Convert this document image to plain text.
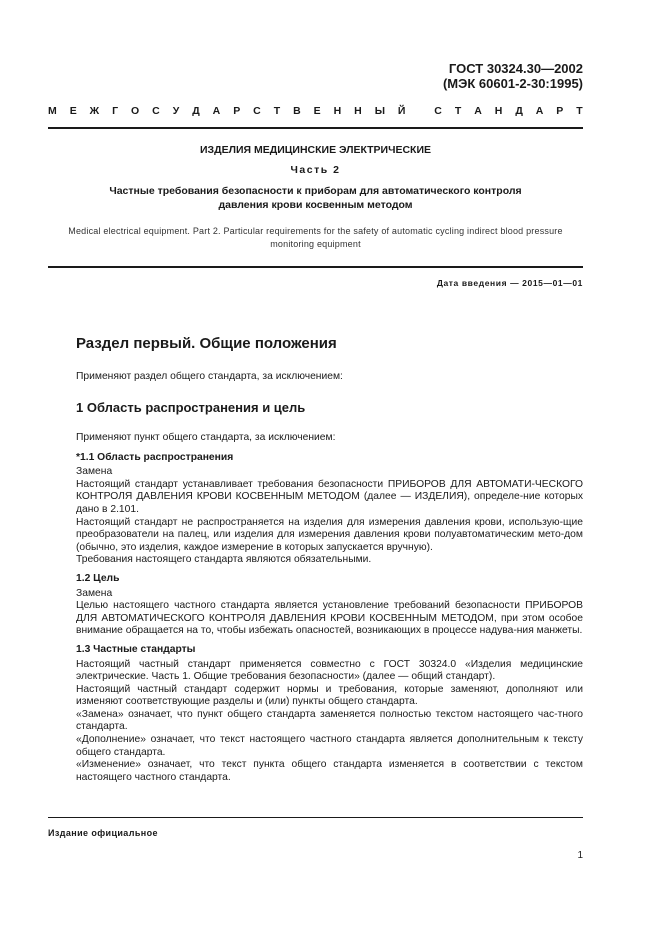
ГОСТ 30324.30—2002
(МЭК 60601-2-30:1995)
М Е Ж Г О С У Д А Р С Т В Е Н Н Ы Й
	С Т А Н Д А Р Т
ИЗДЕЛИЯ МЕДИЦИНСКИЕ ЭЛЕКТРИЧЕСКИЕ
Часть 2
Частные требования безопасности к приборам для автоматического контроля давления крови косвенным методом
Medical electrical equipment. Part 2. Particular requirements for the safety of automatic cycling indirect blood pressure monitoring equipment
Дата введения — 2015—01—01
Раздел первый. Общие положения

Применяют раздел общего стандарта, за исключением:

1 Область распространения и цель

Применяют пункт общего стандарта, за исключением:

*1.1 Область распространения

Замена

Настоящий стандарт устанавливает требования безопасности ПРИБОРОВ ДЛЯ АВТОМАТИ-ЧЕСКОГО КОНТРОЛЯ ДАВЛЕНИЯ КРОВИ КОСВЕННЫМ МЕТОДОМ (далее — ИЗДЕЛИЯ), определе-ние которых дано в 2.101.

Настоящий стандарт не распространяется на изделия для измерения давления крови, использую-щие преобразователи на палец, или изделия для измерения давления крови полуавтоматическим мето-дом (обычно, это изделия, каждое измерение в которых запускается вручную).

Требования настоящего стандарта являются обязательными.

1.2 Цель

Замена

Целью настоящего частного стандарта является установление требований безопасности ПРИБОРОВ ДЛЯ АВТОМАТИЧЕСКОГО КОНТРОЛЯ ДАВЛЕНИЯ КРОВИ КОСВЕННЫМ МЕТОДОМ, при этом особое внимание обращается на то, чтобы избежать опасностей, возникающих в процессе надува-ния манжеты.

1.3 Частные стандарты

Настоящий частный стандарт применяется совместно с ГОСТ 30324.0 «Изделия медицинские электрические. Часть 1. Общие требования безопасности» (далее — общий стандарт).

Настоящий частный стандарт содержит нормы и требования, которые заменяют, дополняют или изменяют соответствующие разделы и (или) пункты общего стандарта.

«Замена» означает, что пункт общего стандарта заменяется полностью текстом настоящего час-тного стандарта.

«Дополнение» означает, что текст настоящего частного стандарта является дополнительным к тексту общего стандарта.

«Изменение» означает, что текст пункта общего стандарта изменяется в соответствии с текстом настоящего частного стандарта.

Издание официальное
1
